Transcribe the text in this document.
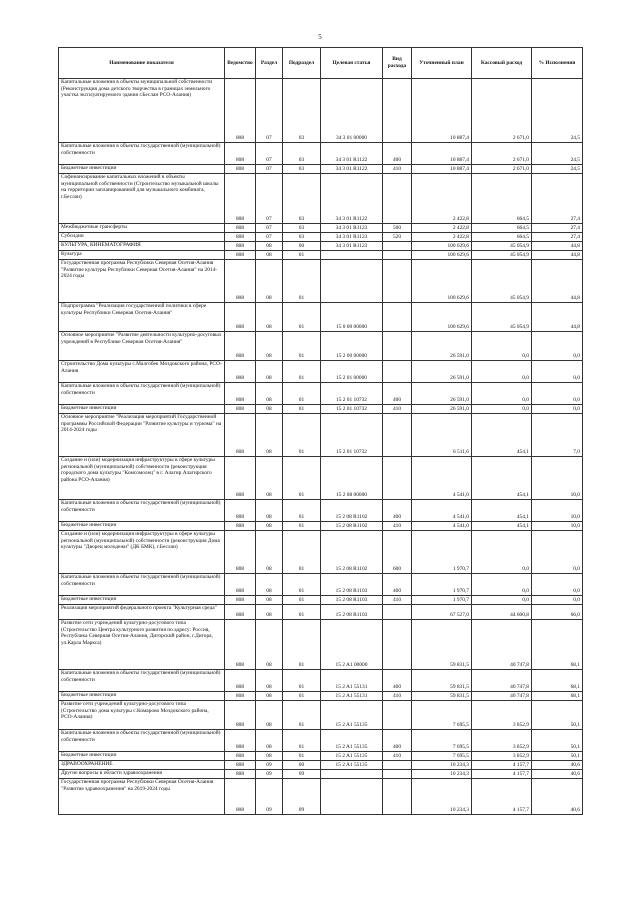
5
Наименование показателя	Ведомство	Раздел	Подраздел	Целевая статья	Вид расхода	Уточненный план	Касcовый расход	% Исполнения

Капитальные вложения в объекты муниципальной собственности (Реконструкция дома детского творчества в границах земельного участка эксплуатируемого здания г.Беслан РСО-Алания)	808	07	03	34 3 01 00000		10 887,4	2 671,0	24,5

Капитальные вложения в объекты государственной (муниципальной) собственности	808	07	03	34 3 01 R1122	400	10 887,4	2 671,0	24,5

Бюджетные инвестиции	808	07	03	34 3 01 R1122	410	10 887,4	2 671,0	24,5

Софинансирование капитальных вложений в объекты муниципальной собственности (Строительство музыкальной школы на территории запланированной для музыкального комбината, г.Беслан)	808	07	03	34 3 01 R1122		2 422,8	664,5	27,4

Межбюджетные трансферты	808	07	03	34 3 01 R1123	500	2 422,8	664,5	27,4

Субсидии	808	07	03	34 3 01 R1123	520	2 422,8	664,5	27,4

КУЛЬТУРА, КИНЕМАТОГРАФИЯ	808	08	00	34 3 01 R1123		100 629,6	45 054,9	44,8

Культура	808	08	01			100 629,6	45 054,9	44,8

Государственная программа Республики Северная Осетия-Алания "Развитие культуры Республики Северная Осетия-Алания" на 2014-2024 годы	808	08	01			100 629,6	45 054,9	44,8

Подпрограмма "Реализация государственной политики в сфере культуры Республики Северная Осетия-Алания"	808	08	01	15 0 00 00000		100 629,6	45 054,9	44,8

Основное мероприятие "Развитие деятельности культурно-досуговых учреждений в Республике Северная Осетия-Алания"	808	08	01	15 2 00 00000		26 591,0	0,0	0,0

Строительство Дома культуры с.Малгобек Моздокского района, РСО-Алания	808	08	01	15 2 01 00000		26 591,0	0,0	0,0

Капитальные вложения в объекты государственной (муниципальной) собственности	808	08	01	15 2 01 10732	400	26 591,0	0,0	0,0

Бюджетные инвестиции	808	08	01	15 2 01 10732	410	26 591,0	0,0	0,0

Основное мероприятие "Реализация мероприятий Государственной программы Российской Федерации "Развитие культуры и туризма" на 2014-2024 годы	808	08	01	15 2 01 10732		6 511,6	454,1	7,0

Создание и (или) модернизация инфраструктуры в сфере культуры региональной (муниципальной) собственности (реконструкция городского дома культуры "Комсомолец" в г. Алагир Алагирского района РСО-Алания)	808	08	01	15 2 08 00000		4 541,0	454,1	10,0

Капитальные вложения в объекты государственной (муниципальной) собственности	808	08	01	15 2 08 R1102	400	4 541,0	454,1	10,0

Бюджетные инвестиции	808	08	01	15 2 08 R1102	410	4 541,0	454,1	10,0

Создание и (или) модернизация инфраструктуры в сфере культуры региональной (муниципальной) собственности (реконструкция Дома культуры "Дворец молодежи" (ДК БМК), г.Беслан)	808	08	01	15 2 08 R1102	600	1 970,7	0,0	0,0

Капитальные вложения в объекты государственной (муниципальной) собственности	808	08	01	15 2 08 R1103	400	1 970,7	0,0	0,0

Бюджетные инвестиции	808	08	01	15 2 08 R1103	410	1 970,7	0,0	0,0

Реализация мероприятий федерального проекта "Культурная среда"	808	08	01	15 2 08 R1103		67 527,0	44 600,8	66,0

Развитие сети учреждений культурно-досугового типа (Строительство Центра культурного развития по адресу: Россия, Республика Северная Осетия-Алания, Дигорский район, г.Дигора, ул.Карла Маркса)	808	08	01	15 2 A1 00000		59 831,5	40 747,8	68,1

Капитальные вложения в объекты государственной (муниципальной) собственности	808	08	01	15 2 A1 55131	400	59 831,5	40 747,8	68,1

Бюджетные инвестиции	808	08	01	15 2 A1 55131	410	59 831,5	40 747,8	68,1

Развитие сети учреждений культурно-досугового типа (Строительство дома культуры с.Комарово Моздокского района, РСО-Алания)	808	08	01	15 2 A1 55135		7 695,5	3 852,9	50,1

Капитальные вложения в объекты государственной (муниципальной) собственности	808	08	01	15 2 A1 55135	400	7 695,5	3 852,9	50,1

Бюджетные инвестиции	808	08	01	15 2 A1 55135	410	7 695,5	3 852,9	50,1

ЗДРАВООХРАНЕНИЕ	808	09	00	15 2 A1 55135		10 234,3	4 157,7	40,6

Другие вопросы в области здравоохранения	808	09	09			10 234,3	4 157,7	40,6

Государственная программа Республики Северная Осетия-Алания "Развитие здравоохранения" на 2019-2024 годы	808	09	09			10 234,3	4 157,7	40,6
